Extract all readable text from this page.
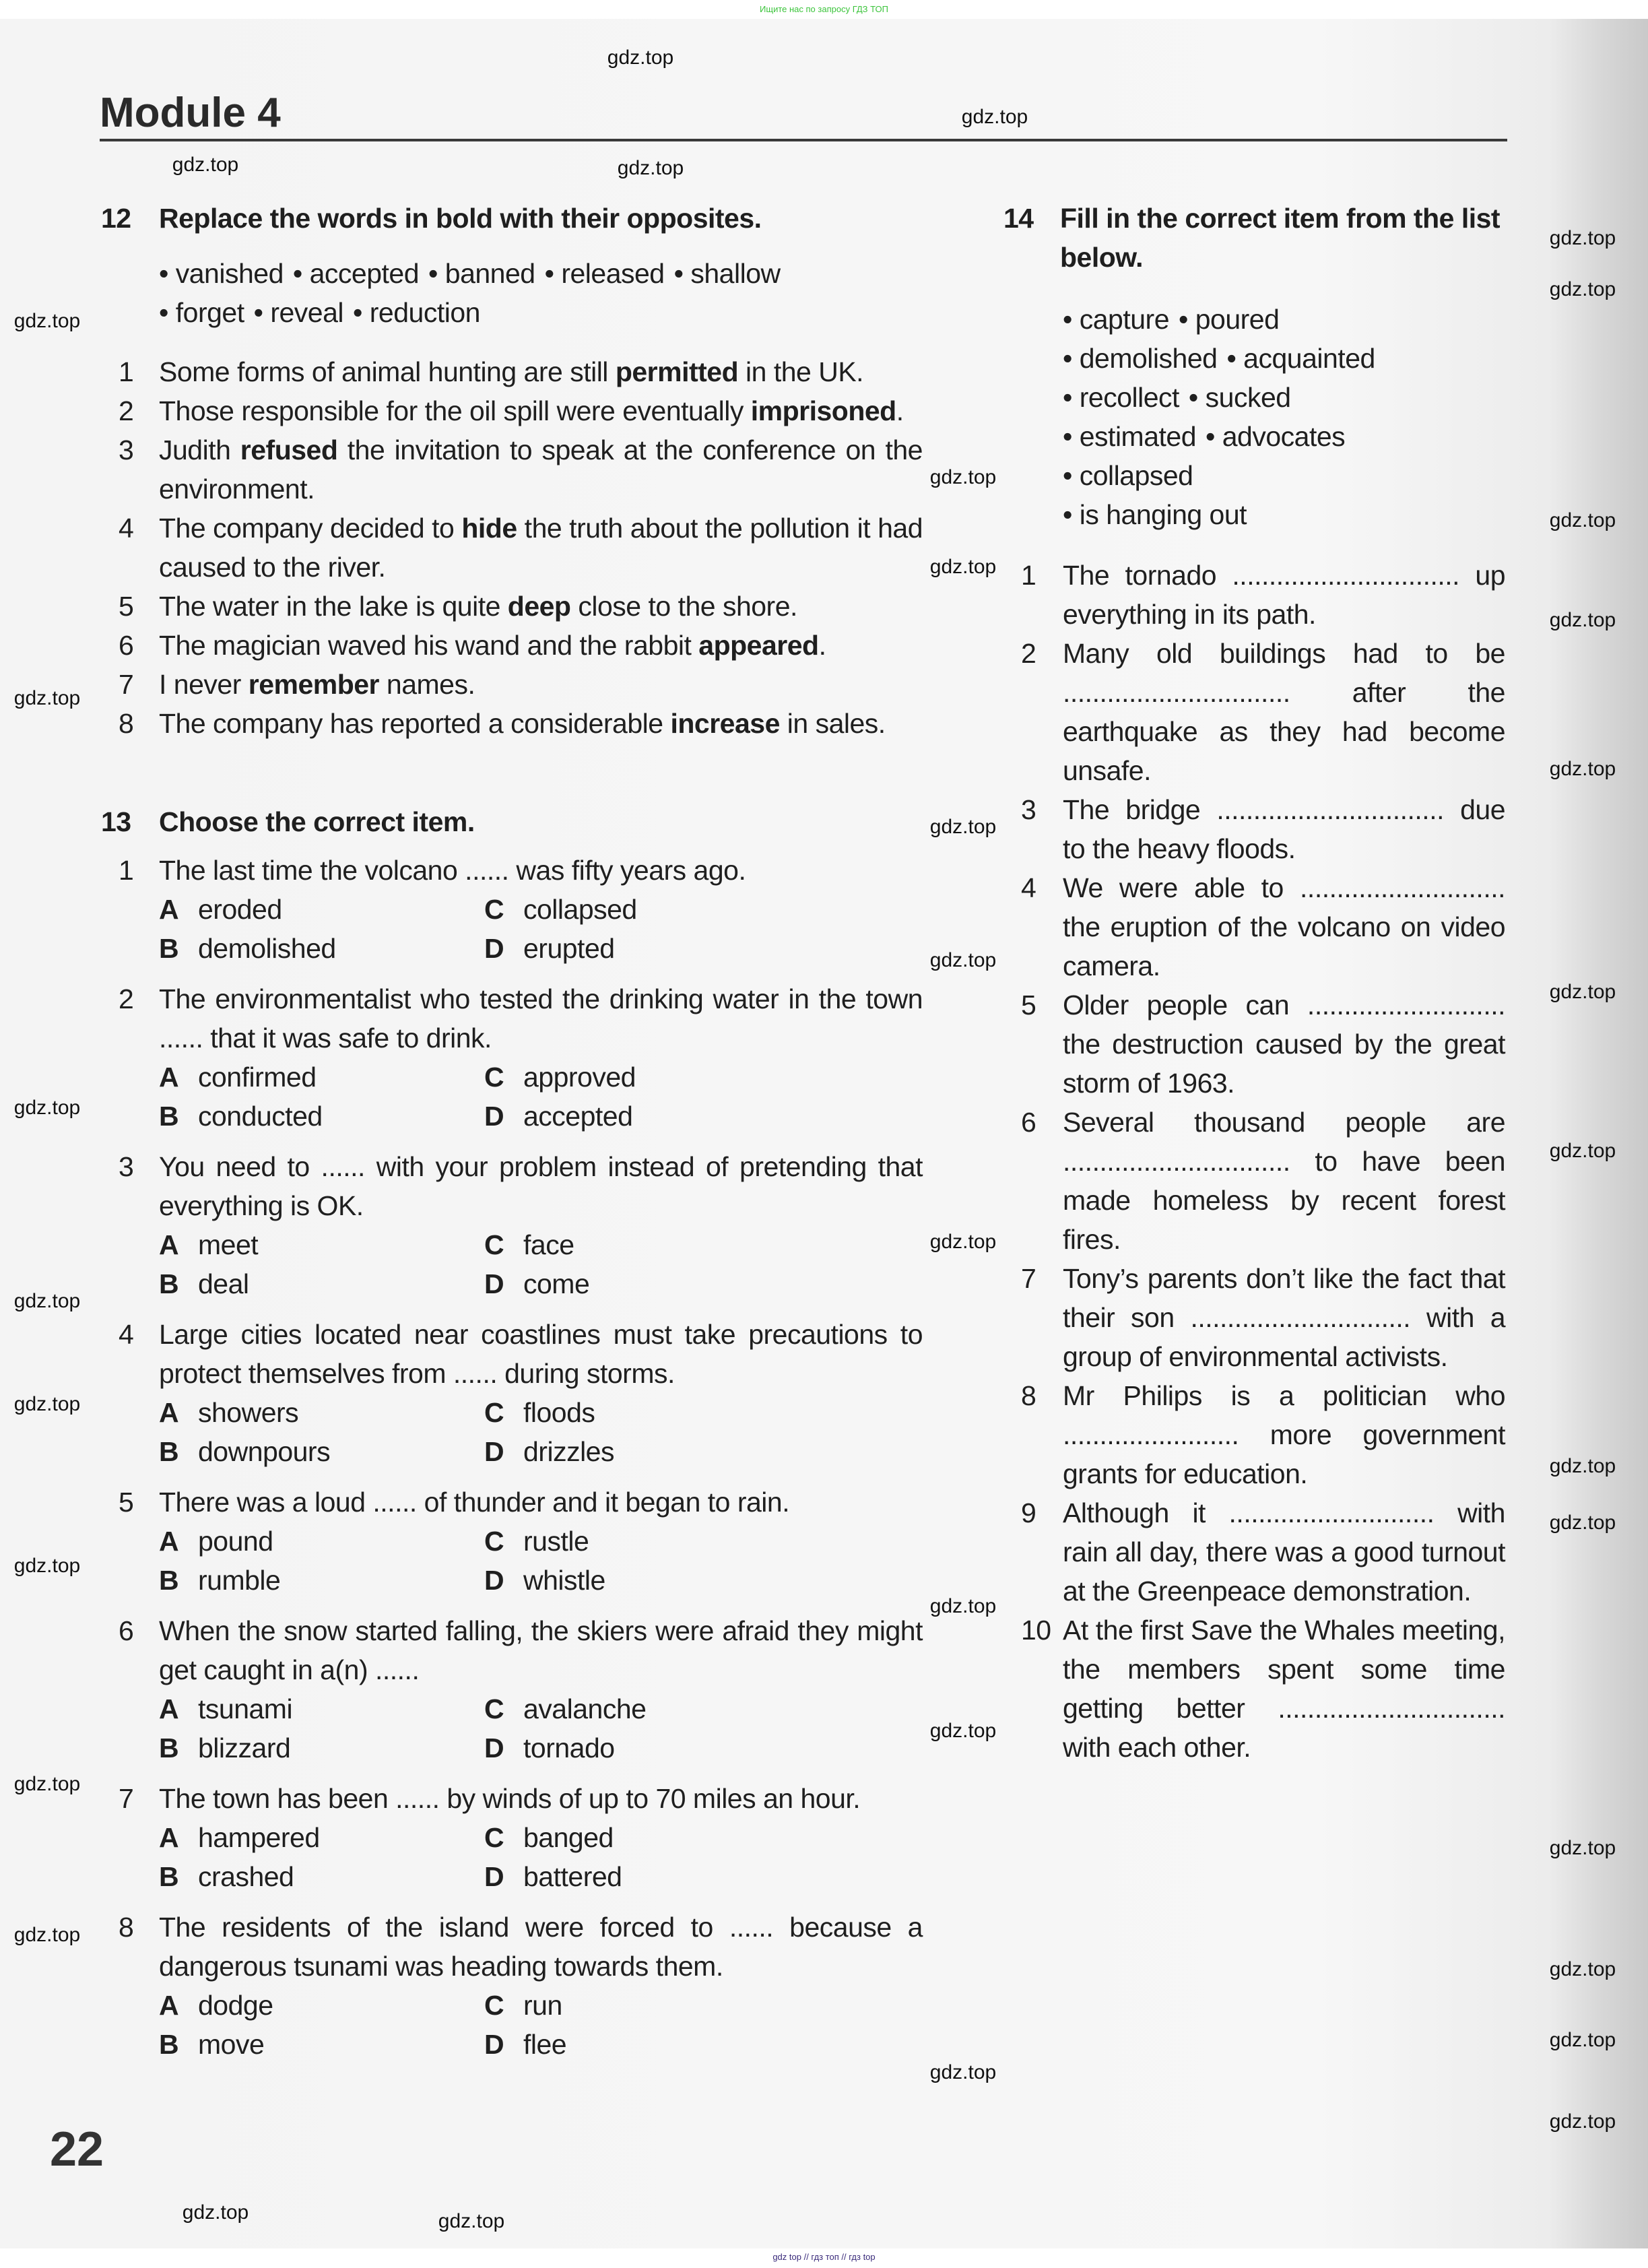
Ищите нас по запросу ГДЗ ТОП
Module 4
12	Replace the words in bold with their opposites.
• vanished • accepted • banned • released • shallow
• forget • reveal • reduction
1 Some forms of animal hunting are still permitted in the UK.
2 Those responsible for the oil spill were eventually imprisoned.
3 Judith refused the invitation to speak at the conference on the environment.
4 The company decided to hide the truth about the pollution it had caused to the river.
5 The water in the lake is quite deep close to the shore.
6 The magician waved his wand and the rabbit appeared.
7 I never remember names.
8 The company has reported a considerable increase in sales.
13	Choose the correct item.
1 The last time the volcano ...... was fifty years ago.
A eroded	C collapsed
B demolished	D erupted
2 The environmentalist who tested the drinking water in the town ...... that it was safe to drink.
A confirmed	C approved
B conducted	D accepted
3 You need to ...... with your problem instead of pretending that everything is OK.
A meet	C face
B deal	D come
4 Large cities located near coastlines must take precautions to protect themselves from ...... during storms.
A showers	C floods
B downpours	D drizzles
5 There was a loud ...... of thunder and it began to rain.
A pound	C rustle
B rumble	D whistle
6 When the snow started falling, the skiers were afraid they might get caught in a(n) ......
A tsunami	C avalanche
B blizzard	D tornado
7 The town has been ...... by winds of up to 70 miles an hour.
A hampered	C banged
B crashed	D battered
8 The residents of the island were forced to ...... because a dangerous tsunami was heading towards them.
A dodge	C run
B move	D flee
14 Fill in the correct item from the list below.
• capture • poured
• demolished • acquainted
• recollect • sucked
• estimated • advocates
• collapsed
• is hanging out
1 The tornado ............................... up everything in its path.
2 Many old buildings had to be ............................... after the earthquake as they had become unsafe.
3 The bridge ............................... due to the heavy floods.
4 We were able to ............................ the eruption of the volcano on video camera.
5 Older people can ........................... the destruction caused by the great storm of 1963.
6 Several thousand people are ............................... to have been made homeless by recent forest fires.
7 Tony’s parents don’t like the fact that their son .............................. with a group of environmental activists.
8 Mr Philips is a politician who ........................ more government grants for education.
9 Although it ............................ with rain all day, there was a good turnout at the Greenpeace demonstration.
10 At the first Save the Whales meeting, the members spent some time getting better ............................... with each other.
22
gdz top // гдз топ // гдз top
gdz.top
gdz.top
gdz.top
gdz.top
gdz.top
gdz.top
gdz.top
gdz.top
gdz.top
gdz.top
gdz.top
gdz.top
gdz.top
gdz.top
gdz.top
gdz.top
gdz.top
gdz.top
gdz.top
gdz.top
gdz.top
gdz.top
gdz.top
gdz.top
gdz.top
gdz.top
gdz.top
gdz.top
gdz.top
gdz.top
gdz.top
gdz.top
gdz.top
gdz.top	gdz.top
